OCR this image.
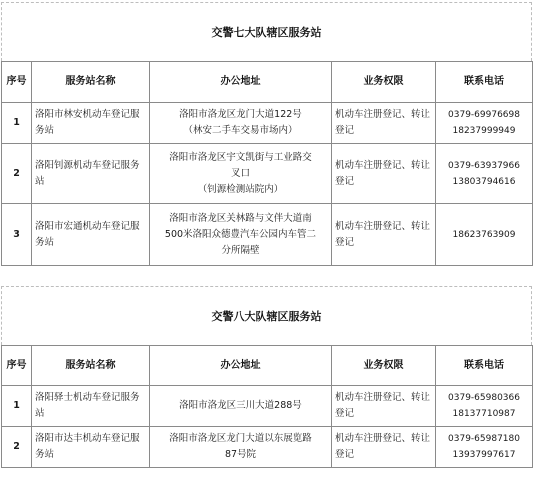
交警七大队辖区服务站
序号	服务站名称	办公地址	业务权限	联系电话
1	洛阳市林安机动车登记服务站	洛阳市洛龙区龙门大道122号
（林安二手车交易市场内）	机动车注册登记、转让登记	0379-69976698
18237999949

2	洛阳钊源机动车登记服务站	洛阳市洛龙区宇文凯街与工业路交
叉口
（钊源检测站院内）	机动车注册登记、转让登记	0379-63937966
13803794616

3	洛阳市宏通机动车登记服务站	洛阳市洛龙区关林路与文伴大道南
500米洛阳众德豊汽车公园内车管二
分所隔壁	机动车注册登记、转让登记	18623763909
交警八大队辖区服务站
序号	服务站名称	办公地址	业务权限	联系电话
1	洛阳驿士机动车登记服务站	洛阳市洛龙区三川大道288号	机动车注册登记、转让登记	0379-65980366
18137710987

2	洛阳市达丰机动车登记服务站	洛阳市洛龙区龙门大道以东展览路
87号院	机动车注册登记、转让登记	0379-65987180
13937997617
